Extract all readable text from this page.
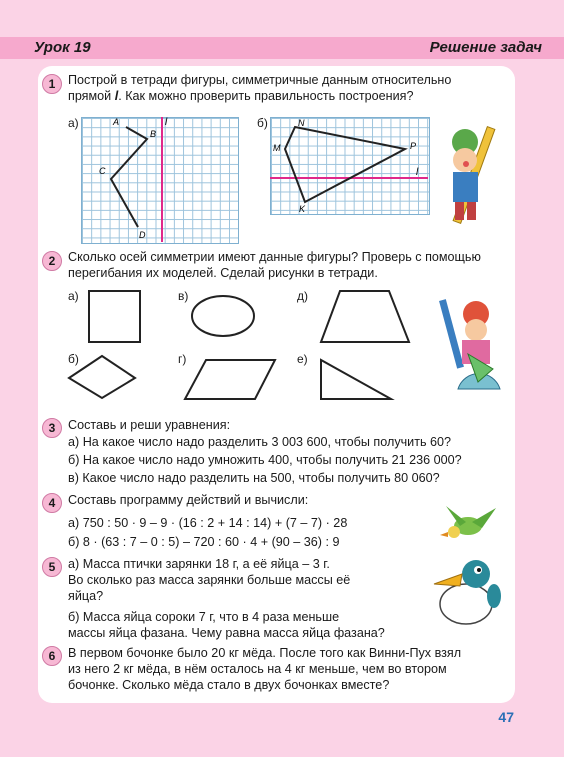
Урок 19	Решение задач
1	Построй в тетради фигуры, симметричные данным относительно
прямой l. Как можно проверить правильность построения?
а)	A
B
C
D
l	б)	N
M	P
K
l
2	Сколько осей симметрии имеют данные фигуры? Проверь с помощью
перегибания их моделей. Сделай рисунки в тетради.
а)	в)	д)
б)	г)	е)
3	Составь и реши уравнения:
а) На какое число надо разделить 3 003 600, чтобы получить 60?
б) На какое число надо умножить 400, чтобы получить 21 236 000?
в) Какое число надо разделить на 500, чтобы получить 80 060?
4	Составь программу действий и вычисли:
а) 750 : 50 · 9 – 9 · (16 : 2 + 14 : 14) + (7 – 7) · 28
б) 8 · (63 : 7 – 0 : 5) – 720 : 60 · 4 + (90 – 36) : 9
5	а) Масса птички зарянки 18 г, а её яйца – 3 г.
Во сколько раз масса зарянки больше массы её
яйца?
б) Масса яйца сороки 7 г, что в 4 раза меньше
массы яйца фазана. Чему равна масса яйца фазана?
6	В первом бочонке было 20 кг мёда. После того как Винни-Пух взял
из него 2 кг мёда, в нём осталось на 4 кг меньше, чем во втором
бочонке. Сколько мёда стало в двух бочонках вместе?
47
